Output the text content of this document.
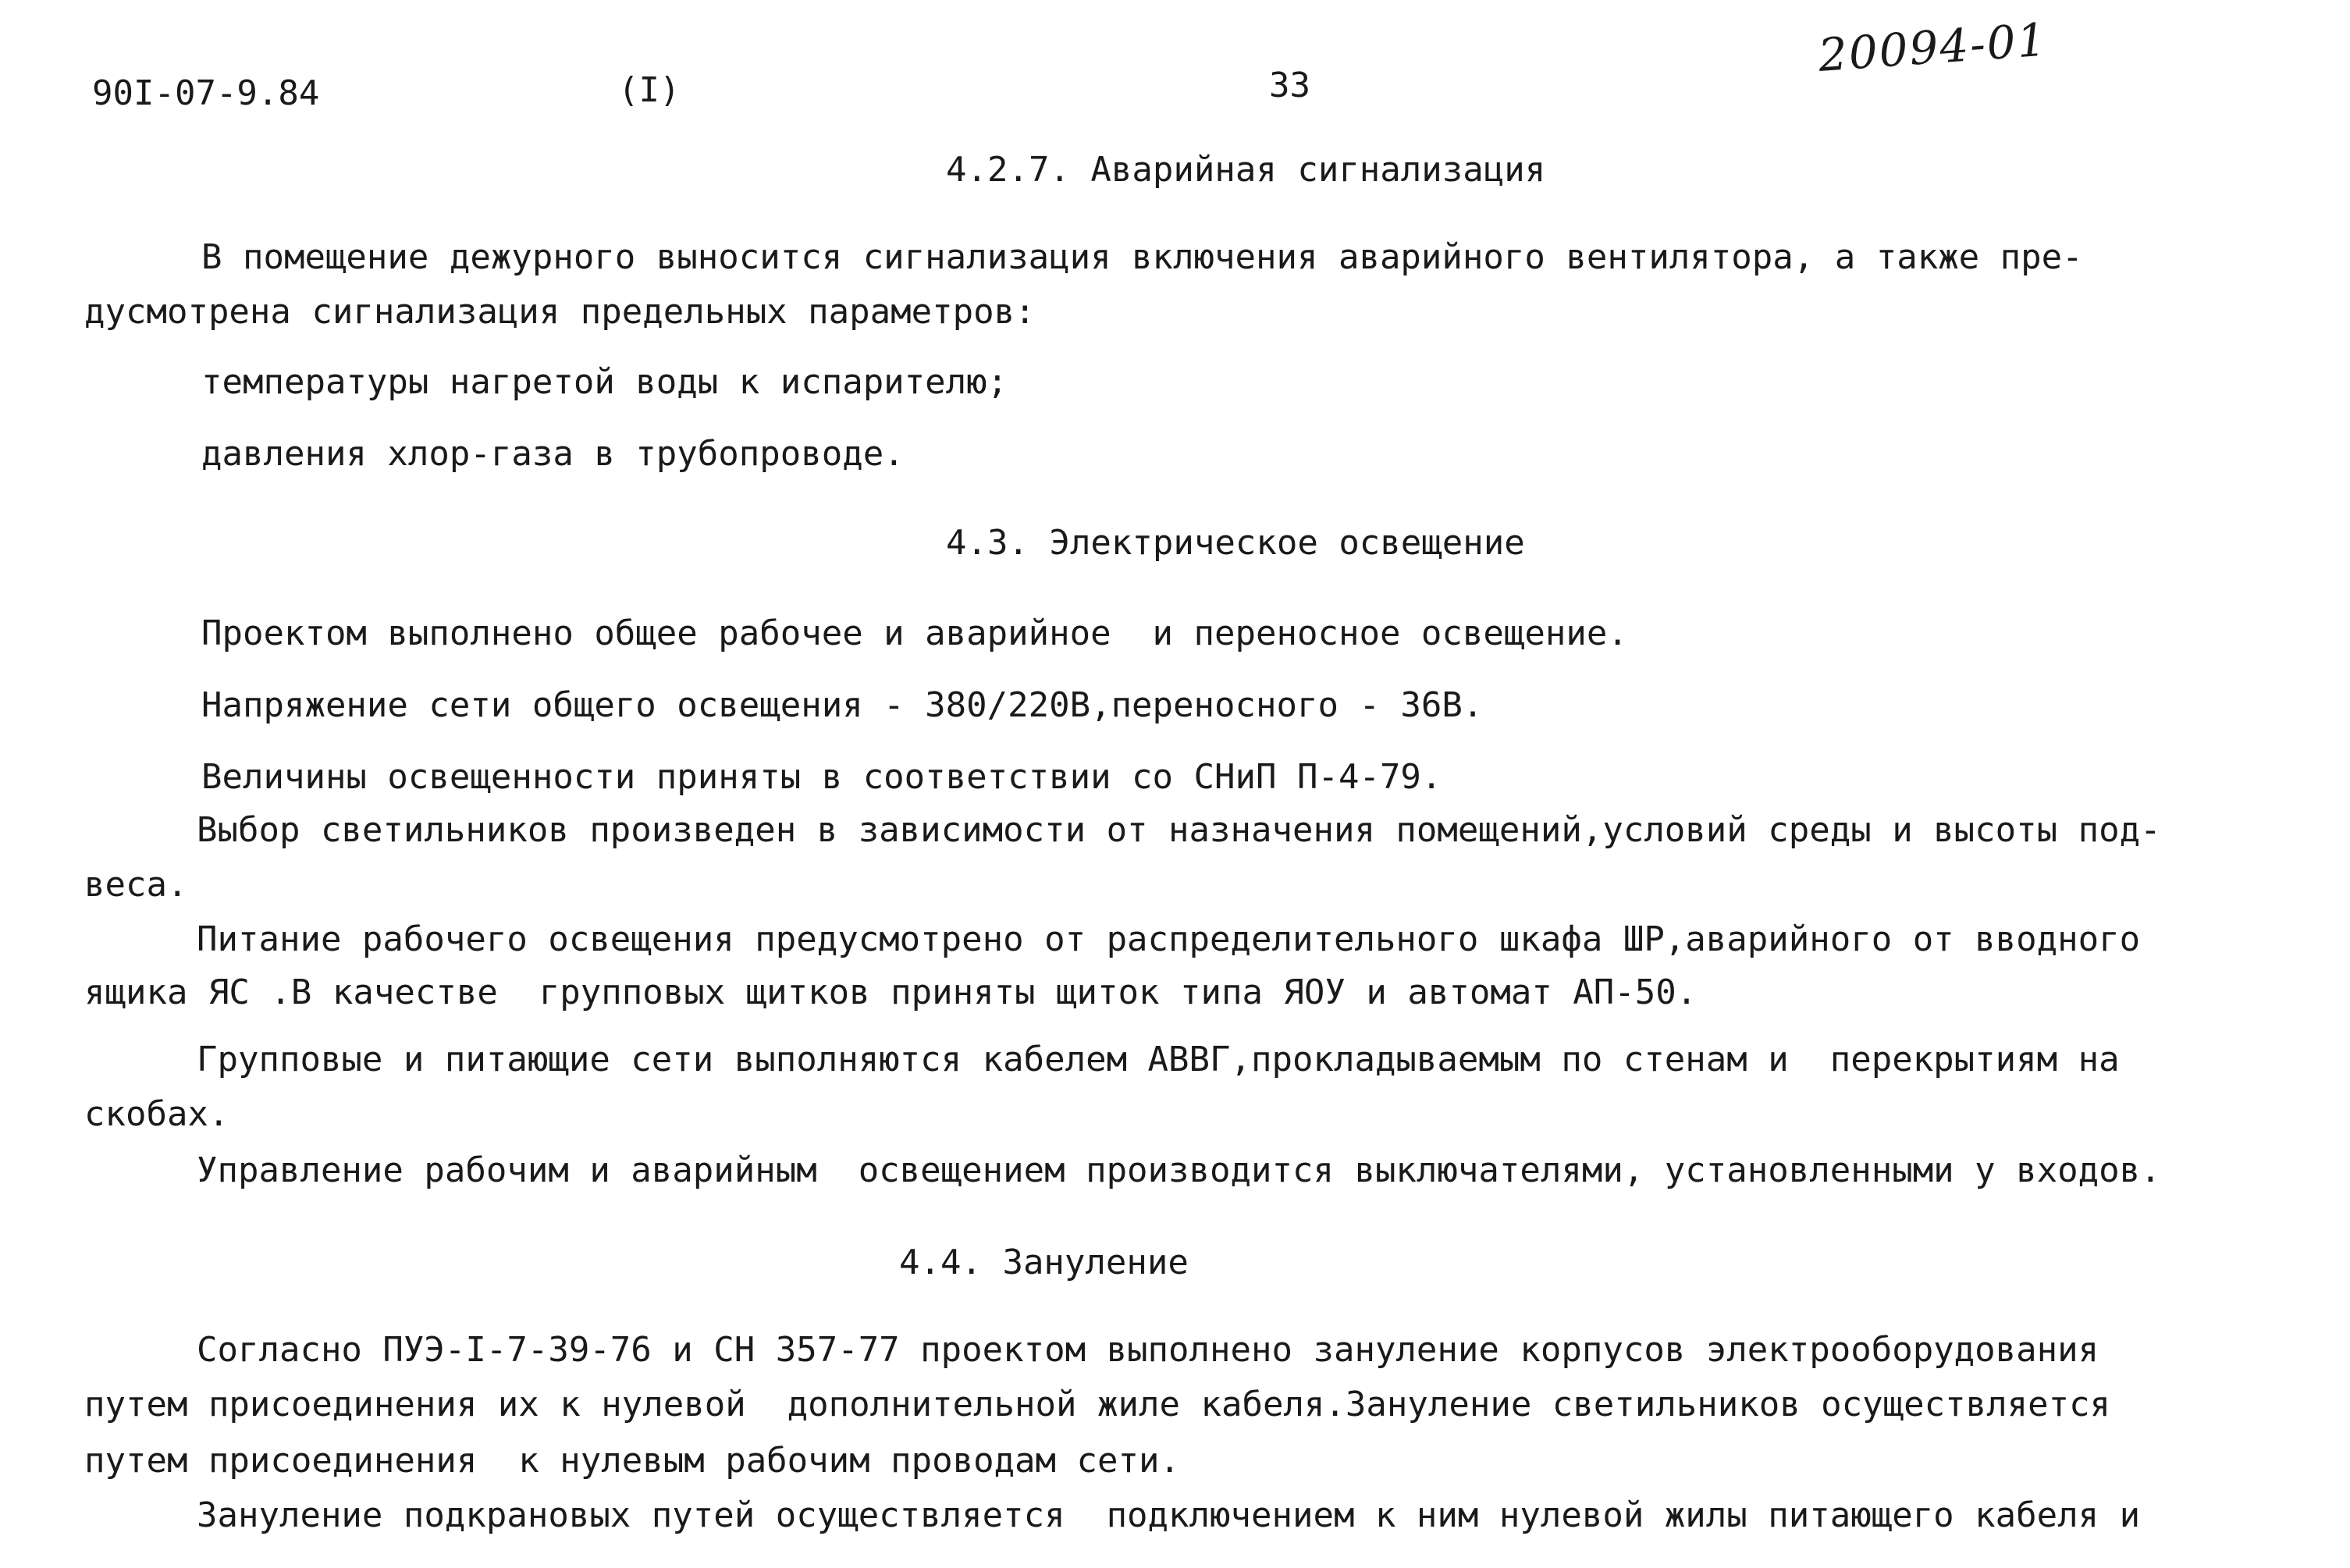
90I-07-9.84	(I)	33
20094-01
4.2.7. Аварийная сигнализация
В помещение дежурного выносится сигнализация включения аварийного вентилятора, а также пре-
дусмотрена сигнализация предельных параметров:
температуры нагретой воды к испарителю;
давления хлор-газа в трубопроводе.
4.3. Электрическое освещение
Проектом выполнено общее рабочее и аварийное  и переносное освещение.
Напряжение сети общего освещения - 380/220В,переносного - 36В.
Величины освещенности приняты в соответствии со СНиП П-4-79.
Выбор светильников произведен в зависимости от назначения помещений,условий среды и высоты под-
веса.
Питание рабочего освещения предусмотрено от распределительного шкафа ШР,аварийного от вводного
ящика ЯС .В качестве  групповых щитков приняты щиток типа ЯОУ и автомат АП-50.
Групповые и питающие сети выполняются кабелем АВВГ,прокладываемым по стенам и  перекрытиям на
скобах.
Управление рабочим и аварийным  освещением производится выключателями, установленными у входов.
4.4. Зануление
Согласно ПУЭ-I-7-39-76 и СН 357-77 проектом выполнено зануление корпусов электрооборудования
путем присоединения их к нулевой  дополнительной жиле кабеля.Зануление светильников осуществляется
путем присоединения  к нулевым рабочим проводам сети.
Зануление подкрановых путей осуществляется  подключением к ним нулевой жилы питающего кабеля и
